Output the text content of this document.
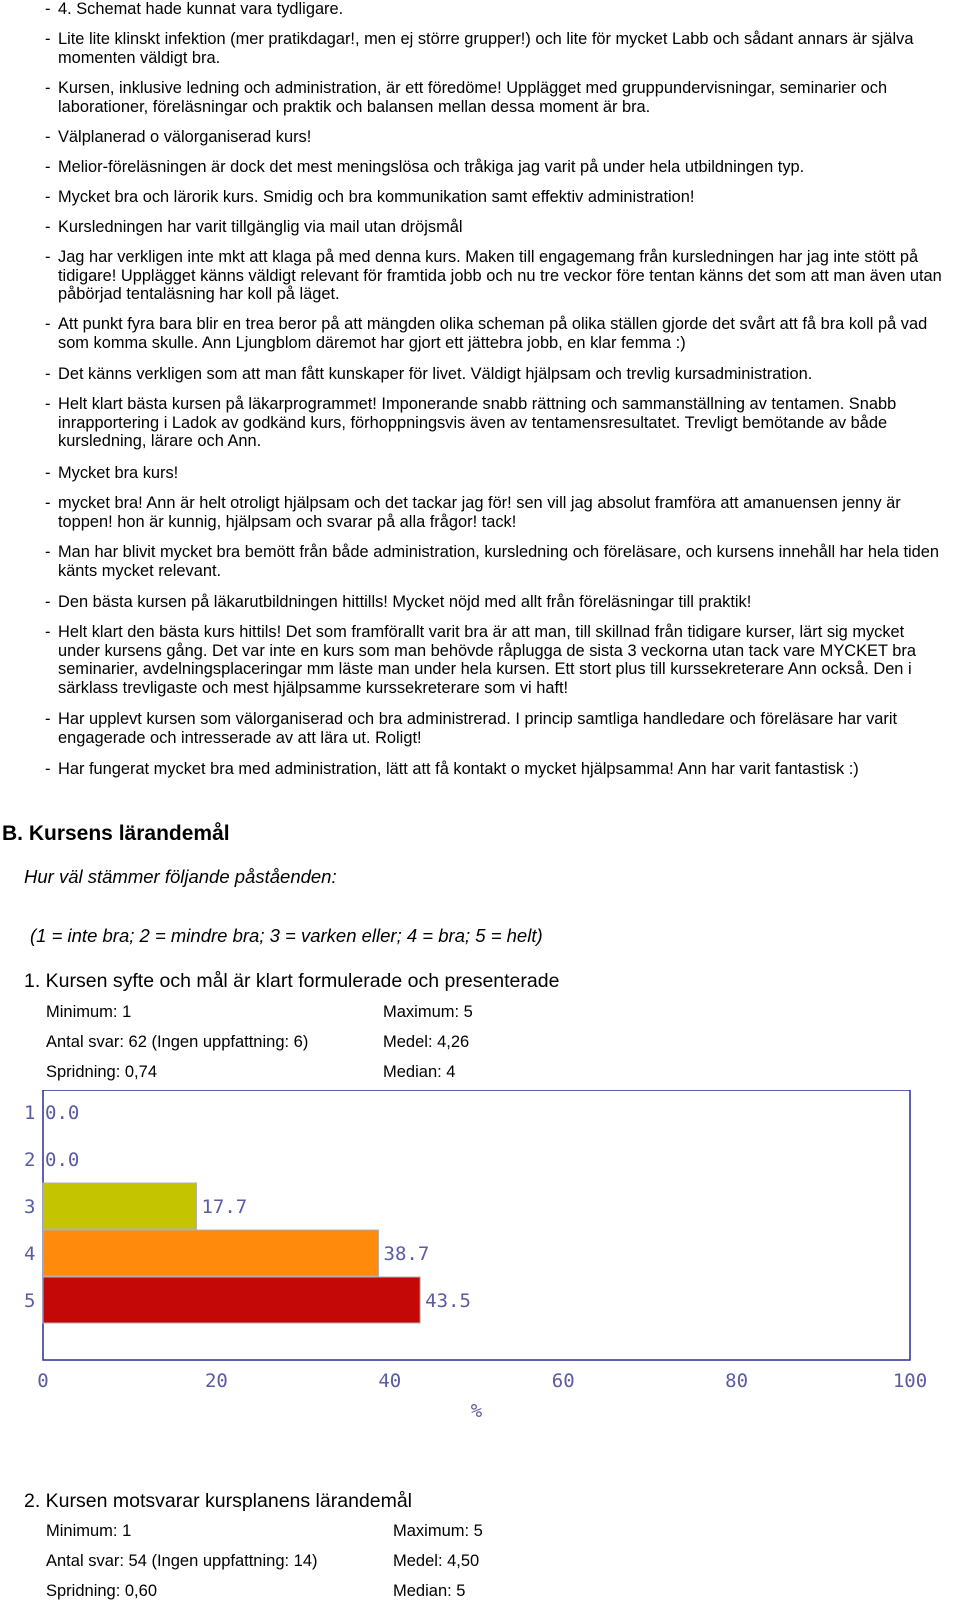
- 4. Schemat hade kunnat vara tydligare.
- Lite lite klinskt infektion (mer pratikdagar!, men ej större grupper!) och lite för mycket Labb och sådant annars är själva momenten väldigt bra.
- Kursen, inklusive ledning och administration, är ett föredöme! Upplägget med gruppundervisningar, seminarier och laborationer, föreläsningar och praktik och balansen mellan dessa moment är bra.
- Välplanerad o välorganiserad kurs!
- Melior-föreläsningen är dock det mest meningslösa och tråkiga jag varit på under hela utbildningen typ.
- Mycket bra och lärorik kurs. Smidig och bra kommunikation samt effektiv administration!
- Kursledningen har varit tillgänglig via mail utan dröjsmål
- Jag har verkligen inte mkt att klaga på med denna kurs. Maken till engagemang från kursledningen har jag inte stött på tidigare! Upplägget känns väldigt relevant för framtida jobb och nu tre veckor före tentan känns det som att man även utan påbörjad tentaläsning har koll på läget.
- Att punkt fyra bara blir en trea beror på att mängden olika scheman på olika ställen gjorde det svårt att få bra koll på vad som komma skulle. Ann Ljungblom däremot har gjort ett jättebra jobb, en klar femma :)
- Det känns verkligen som att man fått kunskaper för livet. Väldigt hjälpsam och trevlig kursadministration.
- Helt klart bästa kursen på läkarprogrammet! Imponerande snabb rättning och sammanställning av tentamen. Snabb inrapportering i Ladok av godkänd kurs, förhoppningsvis även av tentamensresultatet. Trevligt bemötande av både kursledning, lärare och Ann.
- Mycket bra kurs!
- mycket bra! Ann är helt otroligt hjälpsam och det tackar jag för! sen vill jag absolut framföra att amanuensen jenny är toppen! hon är kunnig, hjälpsam och svarar på alla frågor! tack!
- Man har blivit mycket bra bemött från både administration, kursledning och föreläsare, och kursens innehåll har hela tiden känts mycket relevant.
- Den bästa kursen på läkarutbildningen hittills! Mycket nöjd med allt från föreläsningar till praktik!
- Helt klart den bästa kurs hittils! Det som framförallt varit bra är att man, till skillnad från tidigare kurser, lärt sig mycket under kursens gång. Det var inte en kurs som man behövde råplugga de sista 3 veckorna utan tack vare MYCKET bra seminarier, avdelningsplaceringar mm läste man under hela kursen. Ett stort plus till kurssekreterare Ann också. Den i särklass trevligaste och mest hjälpsamme kurssekreterare som vi haft!
- Har upplevt kursen som välorganiserad och bra administrerad. I princip samtliga handledare och föreläsare har varit engagerade och intresserade av att lära ut. Roligt!
- Har fungerat mycket bra med administration, lätt att få kontakt o mycket hjälpsamma! Ann har varit fantastisk :)
B. Kursens lärandemål
Hur väl stämmer följande påståenden:
(1 = inte bra; 2 = mindre bra; 3 = varken eller; 4 = bra; 5 = helt)
1. Kursen syfte och mål är klart formulerade och presenterade
Minimum: 1	Maximum: 5
Antal svar: 62 (Ingen uppfattning: 6)	Medel: 4,26
Spridning: 0,74	Median: 4
1 0.0
2 0.0
3	17.7
4	38.7
5	43.5
0	20	40	60	80	100
%
2. Kursen motsvarar kursplanens lärandemål
Minimum: 1	Maximum: 5
Antal svar: 54 (Ingen uppfattning: 14)	Medel: 4,50
Spridning: 0,60	Median: 5
